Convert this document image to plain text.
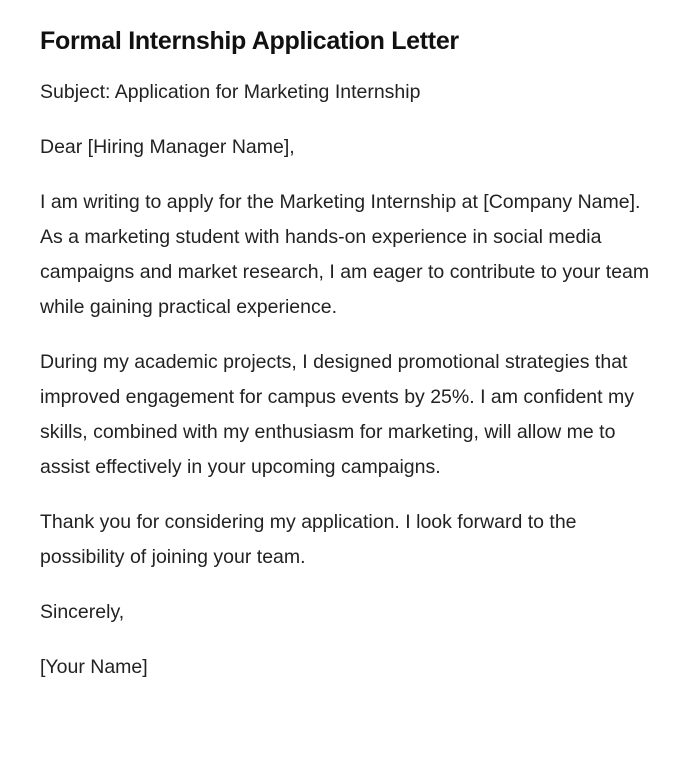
Formal Internship Application Letter

Subject: Application for Marketing Internship

Dear [Hiring Manager Name],

I am writing to apply for the Marketing Internship at [Company Name]. As a marketing student with hands-on experience in social media campaigns and market research, I am eager to contribute to your team while gaining practical experience.

During my academic projects, I designed promotional strategies that improved engagement for campus events by 25%. I am confident my skills, combined with my enthusiasm for marketing, will allow me to assist effectively in your upcoming campaigns.

Thank you for considering my application. I look forward to the possibility of joining your team.

Sincerely,

[Your Name]
